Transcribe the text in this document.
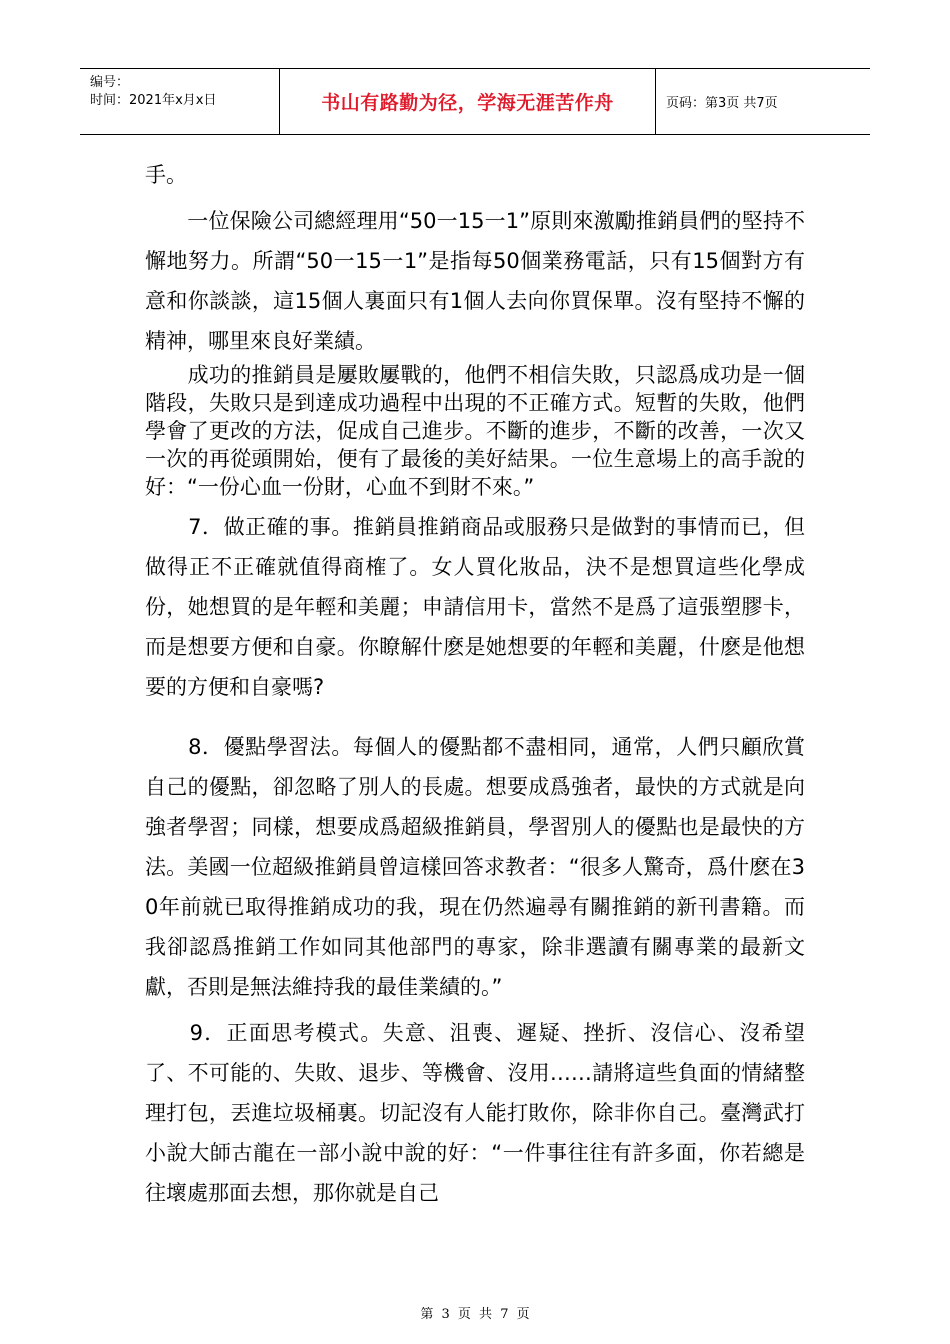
编号：
时间：2021年x月x日	书山有路勤为径，学海无涯苦作舟	页码：第3页 共7页

手。

　　一位保險公司總經理用“50一15一1”原則來激勵推銷員們的堅持不懈地努力。所謂“50一15一1”是指每50個業務電話，只有15個對方有意和你談談，這15個人裏面只有1個人去向你買保單。沒有堅持不懈的精神，哪里來良好業績。

　　成功的推銷員是屢敗屢戰的，他們不相信失敗，只認爲成功是一個階段，失敗只是到達成功過程中出現的不正確方式。短暫的失敗，他們學會了更改的方法，促成自己進步。不斷的進步，不斷的改善，一次又一次的再從頭開始，便有了最後的美好結果。一位生意場上的高手說的好：“一份心血一份財，心血不到財不來。”

　　7．做正確的事。推銷員推銷商品或服務只是做對的事情而已，但做得正不正確就值得商榷了。女人買化妝品，決不是想買這些化學成份，她想買的是年輕和美麗；申請信用卡，當然不是爲了這張塑膠卡，而是想要方便和自豪。你瞭解什麽是她想要的年輕和美麗，什麽是他想要的方便和自豪嗎?

　　8．優點學習法。每個人的優點都不盡相同，通常，人們只顧欣賞自己的優點，卻忽略了別人的長處。想要成爲強者，最快的方式就是向強者學習；同樣，想要成爲超級推銷員，學習別人的優點也是最快的方法。美國一位超級推銷員曾這樣回答求教者：“很多人驚奇，爲什麽在30年前就已取得推銷成功的我，現在仍然遍尋有關推銷的新刊書籍。而我卻認爲推銷工作如同其他部門的專家，除非選讀有關專業的最新文獻，否則是無法維持我的最佳業績的。”

　　9．正面思考模式。失意、沮喪、遲疑、挫折、沒信心、沒希望了、不可能的、失敗、退步、等機會、沒用……請將這些負面的情緒整理打包，丟進垃圾桶裏。切記沒有人能打敗你，除非你自己。臺灣武打小說大師古龍在一部小說中說的好：“一件事往往有許多面，你若總是往壞處那面去想，那你就是自己

第 3 页 共 7 页
